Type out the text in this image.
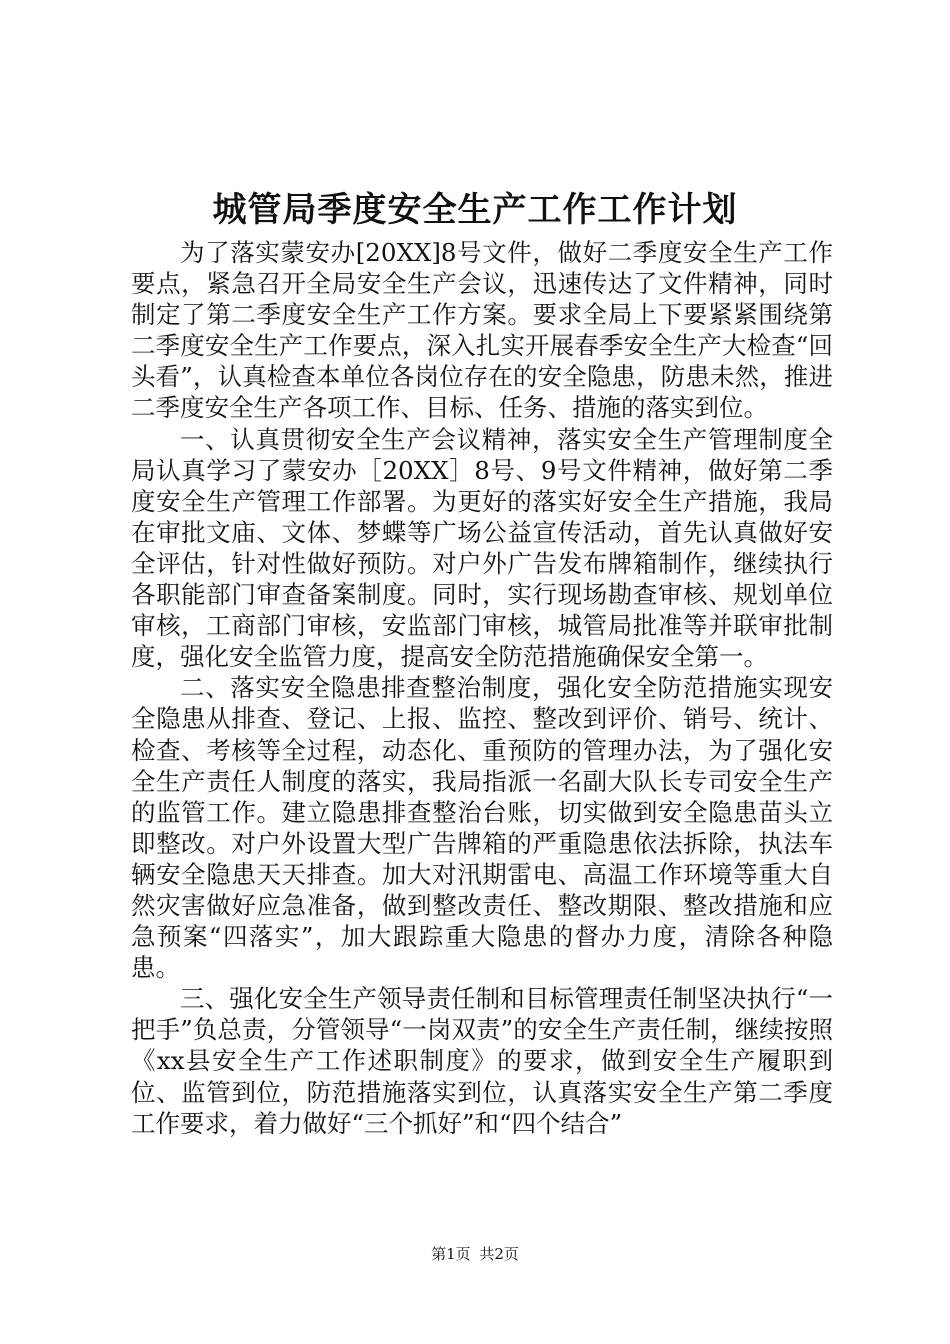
城管局季度安全生产工作工作计划

为了落实蒙安办[20XX]8号文件，做好二季度安全生产工作要点，紧急召开全局安全生产会议，迅速传达了文件精神，同时制定了第二季度安全生产工作方案。要求全局上下要紧紧围绕第二季度安全生产工作要点，深入扎实开展春季安全生产大检查“回头看”，认真检查本单位各岗位存在的安全隐患，防患未然，推进二季度安全生产各项工作、目标、任务、措施的落实到位。

一、认真贯彻安全生产会议精神，落实安全生产管理制度全局认真学习了蒙安办［20XX］8号、9号文件精神，做好第二季度安全生产管理工作部署。为更好的落实好安全生产措施，我局在审批文庙、文体、梦蝶等广场公益宣传活动，首先认真做好安全评估，针对性做好预防。对户外广告发布牌箱制作，继续执行各职能部门审查备案制度。同时，实行现场勘查审核、规划单位审核，工商部门审核，安监部门审核，城管局批准等并联审批制度，强化安全监管力度，提高安全防范措施确保安全第一。

二、落实安全隐患排查整治制度，强化安全防范措施实现安全隐患从排查、登记、上报、监控、整改到评价、销号、统计、检查、考核等全过程，动态化、重预防的管理办法，为了强化安全生产责任人制度的落实，我局指派一名副大队长专司安全生产的监管工作。建立隐患排查整治台账，切实做到安全隐患苗头立即整改。对户外设置大型广告牌箱的严重隐患依法拆除，执法车辆安全隐患天天排查。加大对汛期雷电、高温工作环境等重大自然灾害做好应急准备，做到整改责任、整改期限、整改措施和应急预案“四落实”，加大跟踪重大隐患的督办力度，清除各种隐患。

三、强化安全生产领导责任制和目标管理责任制坚决执行“一把手”负总责，分管领导“一岗双责”的安全生产责任制，继续按照《xx县安全生产工作述职制度》的要求，做到安全生产履职到位、监管到位，防范措施落实到位，认真落实安全生产第二季度工作要求，着力做好“三个抓好”和“四个结合”

第1页 共2页
